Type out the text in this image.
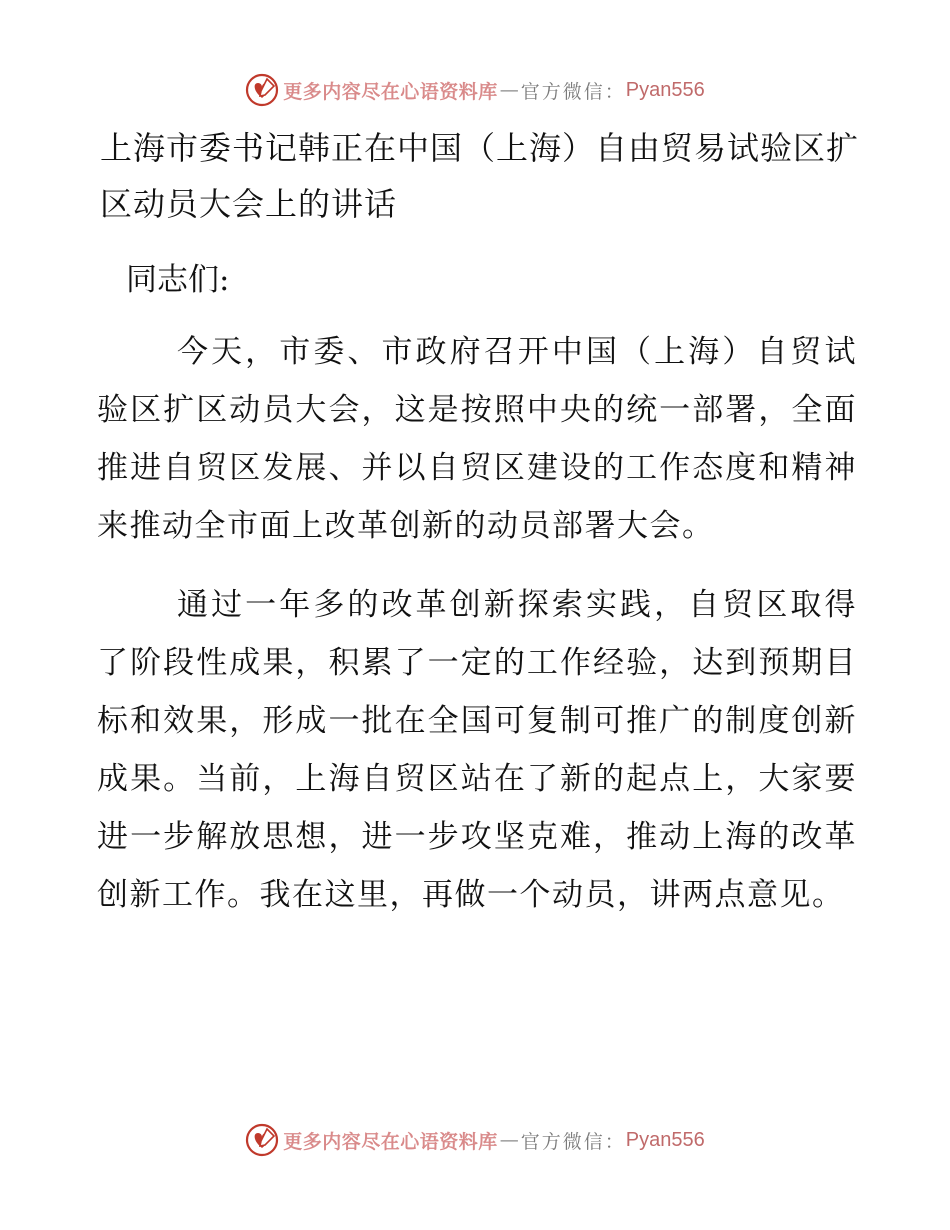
更多内容尽在心语资料库 — 官方微信： Pyan556
上海市委书记韩正在中国（上海）自由贸易试验区扩区动员大会上的讲话

同志们:

今天，市委、市政府召开中国（上海）自贸试验区扩区动员大会，这是按照中央的统一部署，全面推进自贸区发展、并以自贸区建设的工作态度和精神来推动全市面上改革创新的动员部署大会。

通过一年多的改革创新探索实践，自贸区取得了阶段性成果，积累了一定的工作经验，达到预期目标和效果，形成一批在全国可复制可推广的制度创新成果。当前，上海自贸区站在了新的起点上，大家要进一步解放思想，进一步攻坚克难，推动上海的改革创新工作。我在这里，再做一个动员，讲两点意见。

更多内容尽在心语资料库 — 官方微信： Pyan556
